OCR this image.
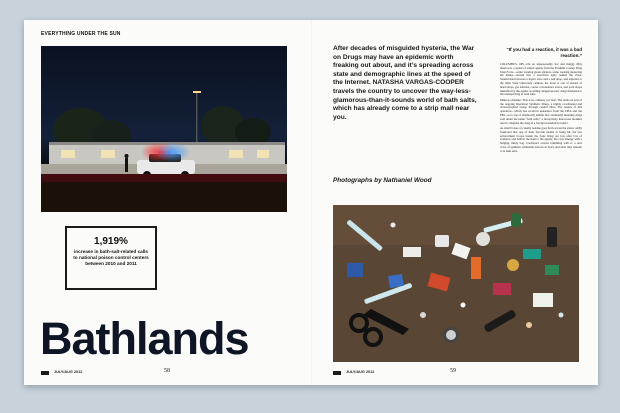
EVERYTHING UNDER THE SUN
After decades of misguided hysteria, the War on Drugs may have an epidemic worth freaking out about, and it’s spreading across state and demographic lines at the speed of the Internet. NATASHA VARGAS-COOPER travels the country to uncover the way-less-glamorous-than-it-sounds world of bath salts, which has already come to a strip mall near you.
Photographs by Nathaniel Wood
“If you had a reaction, it was a bad reaction.”

COLUMBUS, OH—On an unseasonably hot and muggy May afternoon, a squad of armed agents from the Franklin County Drug Task Force—some wearing green slickers, some wearing menacing ski masks—stream into a storefront aptly named the Zone. Sandwiched between a liquor store and a nail shop, and adjacent to the Ohio State University campus, the Zone is one of dozens of head shops, gas stations, corner convenience stores, and porn shops identified by the agents as selling dangerous new drugs marketed to the unsuspecting as bath salts.

Make no mistake: This is no ordinary pot bust. The raids are part of the ongoing Operation Synthetic Drugs, a highly coordinated and choreographed sweep through central Ohio. The targets of this operation—which has received assistance from the DEA and the FBI—is a crop of chemically similar but continually mutating drugs sold under the name “bath salts,” a deceptively innocuous moniker used to disguise the drug as a foreign household product.

As small boxes of creamy residue goes from across the states, oddly frustrated that one of their favorite haunts is being hit, the law enforcement troops inside the Zone bring out box after box of evidence and deliver the haul to the agents; the cops emerge with a bulging, likely bag. Cardboard cartons brimming with it: a new wave of synthetic stimulants known as Spice and what they amount to is bath salts.

1,919%
increase in bath-salt-related calls to national poison control centers between 2010 and 2011
Bathlands
JULY/AUG 2012	58	JULY/AUG 2012	59
